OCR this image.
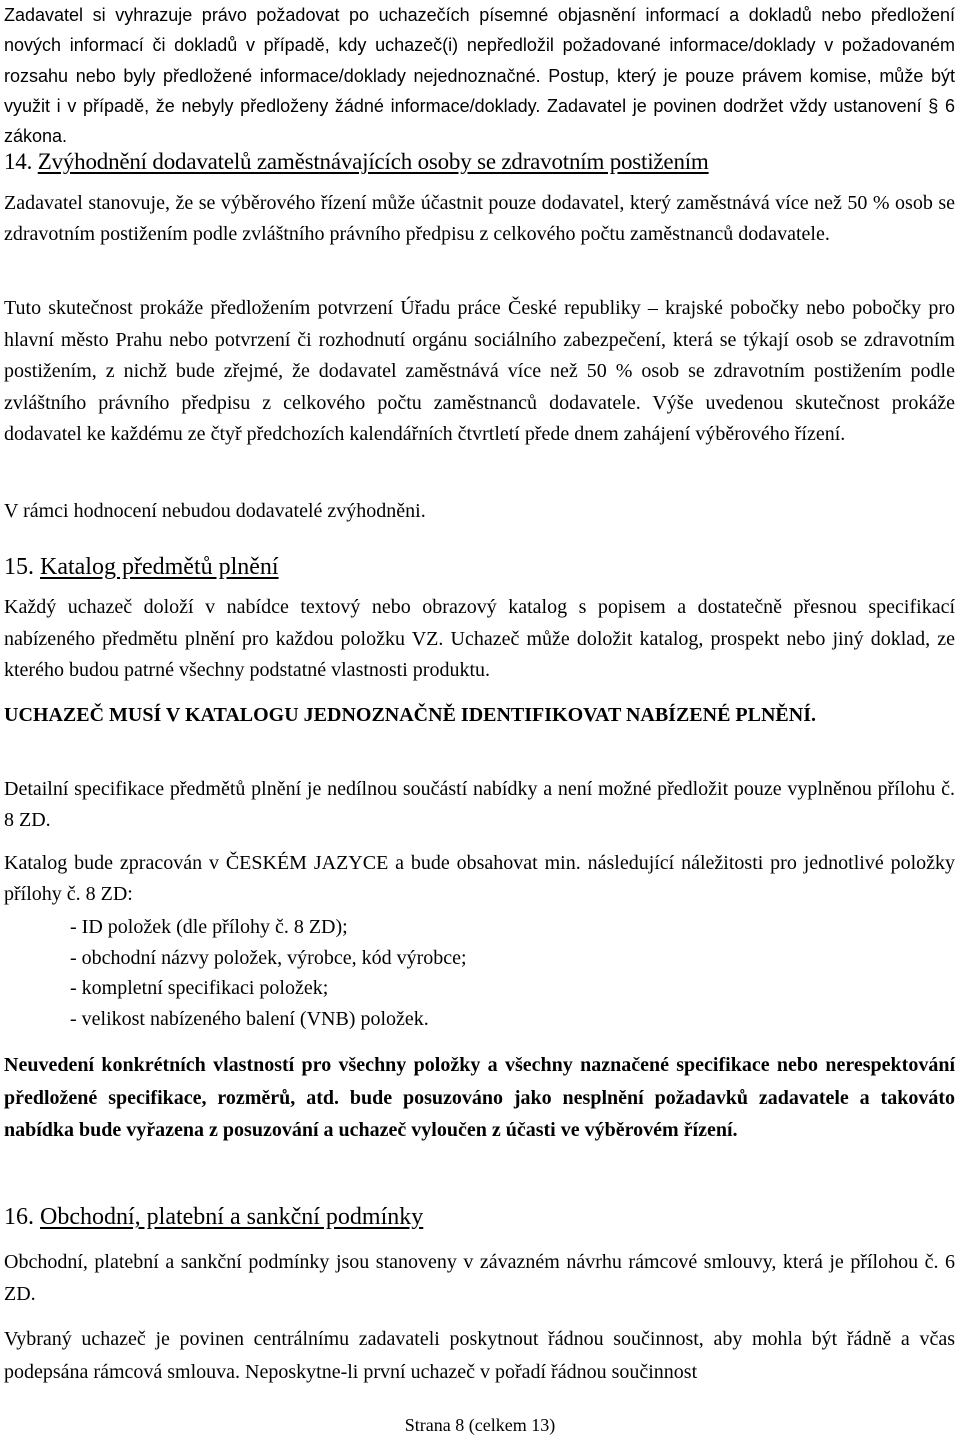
Zadavatel si vyhrazuje právo požadovat po uchazečích písemné objasnění informací a dokladů nebo předložení nových informací či dokladů v případě, kdy uchazeč(i) nepředložil požadované informace/doklady v požadovaném rozsahu nebo byly předložené informace/doklady nejednoznačné. Postup, který je pouze právem komise, může být využit i v případě, že nebyly předloženy žádné informace/doklady. Zadavatel je povinen dodržet vždy ustanovení § 6 zákona.

14. Zvýhodnění dodavatelů zaměstnávajících osoby se zdravotním postižením

Zadavatel stanovuje, že se výběrového řízení může účastnit pouze dodavatel, který zaměstnává více než 50 % osob se zdravotním postižením podle zvláštního právního předpisu z celkového počtu zaměstnanců dodavatele.

Tuto skutečnost prokáže předložením potvrzení Úřadu práce České republiky – krajské pobočky nebo pobočky pro hlavní město Prahu nebo potvrzení či rozhodnutí orgánu sociálního zabezpečení, která se týkají osob se zdravotním postižením, z nichž bude zřejmé, že dodavatel zaměstnává více než 50 % osob se zdravotním postižením podle zvláštního právního předpisu z celkového počtu zaměstnanců dodavatele. Výše uvedenou skutečnost prokáže dodavatel ke každému ze čtyř předchozích kalendářních čtvrtletí přede dnem zahájení výběrového řízení.

V rámci hodnocení nebudou dodavatelé zvýhodněni.

15. Katalog předmětů plnění

Každý uchazeč doloží v nabídce textový nebo obrazový katalog s popisem a dostatečně přesnou specifikací nabízeného předmětu plnění pro každou položku VZ. Uchazeč může doložit katalog, prospekt nebo jiný doklad, ze kterého budou patrné všechny podstatné vlastnosti produktu.

UCHAZEČ MUSÍ V KATALOGU JEDNOZNAČNĚ IDENTIFIKOVAT NABÍZENÉ PLNĚNÍ.

Detailní specifikace předmětů plnění je nedílnou součástí nabídky a není možné předložit pouze vyplněnou přílohu č. 8 ZD.

Katalog bude zpracován v ČESKÉM JAZYCE a bude obsahovat min. následující náležitosti pro jednotlivé položky přílohy č. 8 ZD:

- ID položek (dle přílohy č. 8 ZD);
- obchodní názvy položek, výrobce, kód výrobce;
- kompletní specifikaci položek;
- velikost nabízeného balení (VNB) položek.

Neuvedení konkrétních vlastností pro všechny položky a všechny naznačené specifikace nebo nerespektování předložené specifikace, rozměrů, atd. bude posuzováno jako nesplnění požadavků zadavatele a takováto nabídka bude vyřazena z posuzování a uchazeč vyloučen z účasti ve výběrovém řízení.

16. Obchodní, platební a sankční podmínky

Obchodní, platební a sankční podmínky jsou stanoveny v závazném návrhu rámcové smlouvy, která je přílohou č. 6 ZD.

Vybraný uchazeč je povinen centrálnímu zadavateli poskytnout řádnou součinnost, aby mohla být řádně a včas podepsána rámcová smlouva. Neposkytne-li první uchazeč v pořadí řádnou součinnost

Strana 8 (celkem 13)
